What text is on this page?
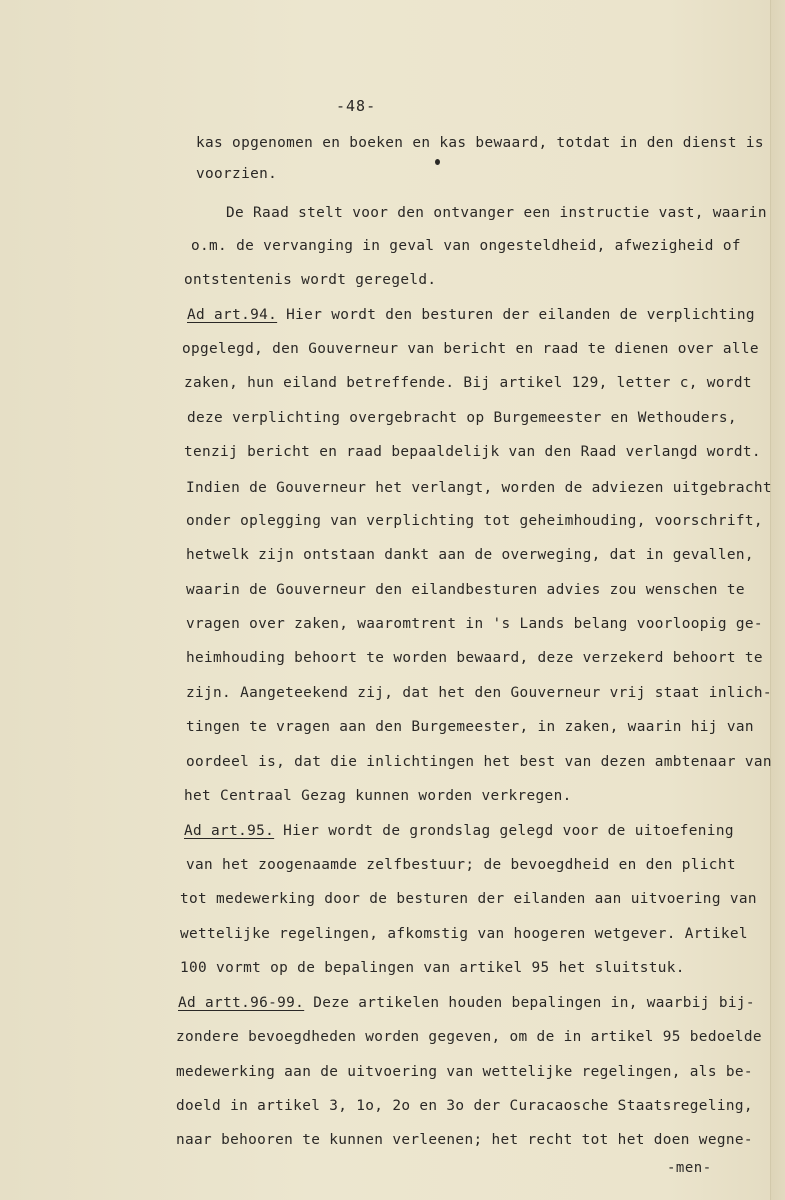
-48-
kas opgenomen en boeken en kas bewaard, totdat in den dienst is
voorzien.
De Raad stelt voor den ontvanger een instructie vast, waarin
o.m. de vervanging in geval van ongesteldheid, afwezigheid of
ontstentenis wordt geregeld.
Ad art.94. Hier wordt den besturen der eilanden de verplichting
opgelegd, den Gouverneur van bericht en raad te dienen over alle
zaken, hun eiland betreffende. Bij artikel 129, letter c, wordt
deze verplichting overgebracht op Burgemeester en Wethouders,
tenzij bericht en raad bepaaldelijk van den Raad verlangd wordt.
Indien de Gouverneur het verlangt, worden de adviezen uitgebracht
onder oplegging van verplichting tot geheimhouding, voorschrift,
hetwelk zijn ontstaan dankt aan de overweging, dat in gevallen,
waarin de Gouverneur den eilandbesturen advies zou wenschen te
vragen over zaken, waaromtrent in 's Lands belang voorloopig ge-
heimhouding behoort te worden bewaard, deze verzekerd behoort te
zijn. Aangeteekend zij, dat het den Gouverneur vrij staat inlich-
tingen te vragen aan den Burgemeester, in zaken, waarin hij van
oordeel is, dat die inlichtingen het best van dezen ambtenaar van
het Centraal Gezag kunnen worden verkregen.
Ad art.95. Hier wordt de grondslag gelegd voor de uitoefening
van het zoogenaamde zelfbestuur; de bevoegdheid en den plicht
tot medewerking door de besturen der eilanden aan uitvoering van
wettelijke regelingen, afkomstig van hoogeren wetgever. Artikel
100 vormt op de bepalingen van artikel 95 het sluitstuk.
Ad artt.96-99. Deze artikelen houden bepalingen in, waarbij bij-
zondere bevoegdheden worden gegeven, om de in artikel 95 bedoelde
medewerking aan de uitvoering van wettelijke regelingen, als be-
doeld in artikel 3, 1o, 2o en 3o der Curacaosche Staatsregeling,
naar behooren te kunnen verleenen; het recht tot het doen wegne-
-men-
